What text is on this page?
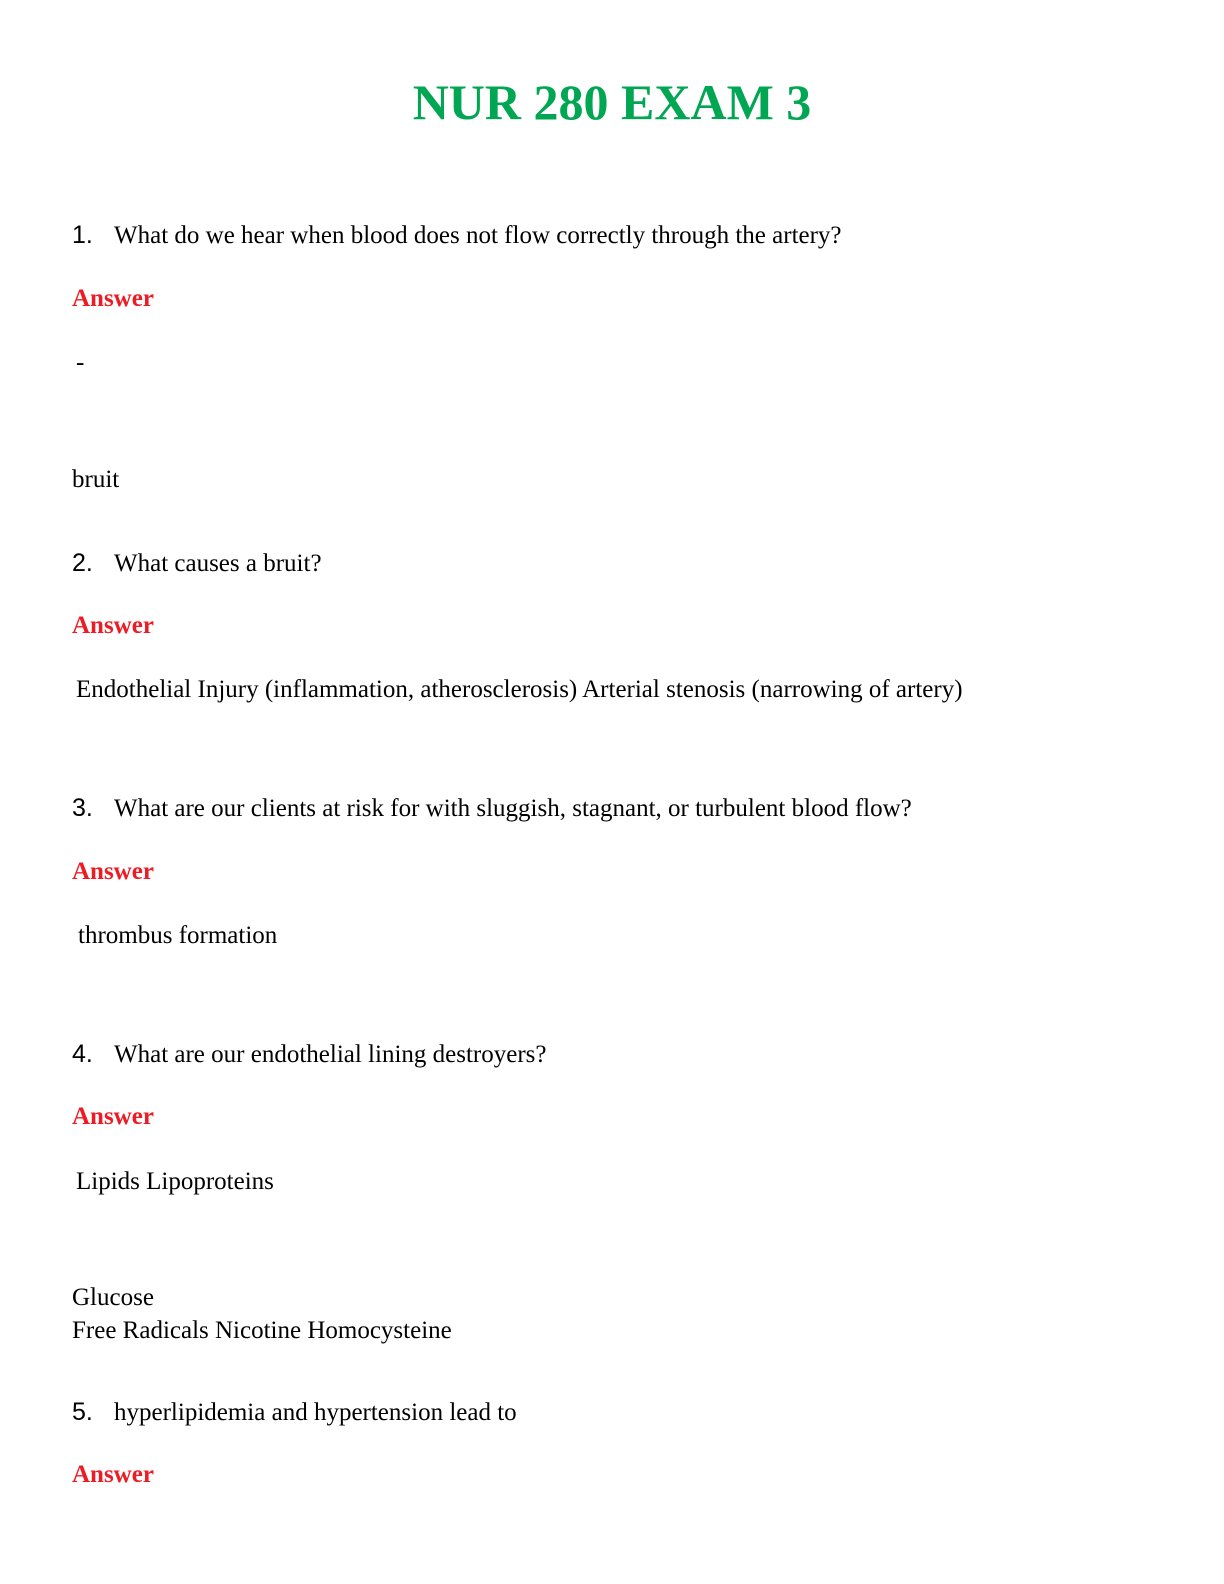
NUR 280 EXAM 3
1. What do we hear when blood does not flow correctly through the artery?
Answer
-
bruit
2. What causes a bruit?
Answer
Endothelial Injury (inflammation, atherosclerosis) Arterial stenosis (narrowing of artery)
3. What are our clients at risk for with sluggish, stagnant, or turbulent blood flow?
Answer
thrombus formation
4. What are our endothelial lining destroyers?
Answer
Lipids Lipoproteins
Glucose
Free Radicals Nicotine Homocysteine
5. hyperlipidemia and hypertension lead to
Answer
